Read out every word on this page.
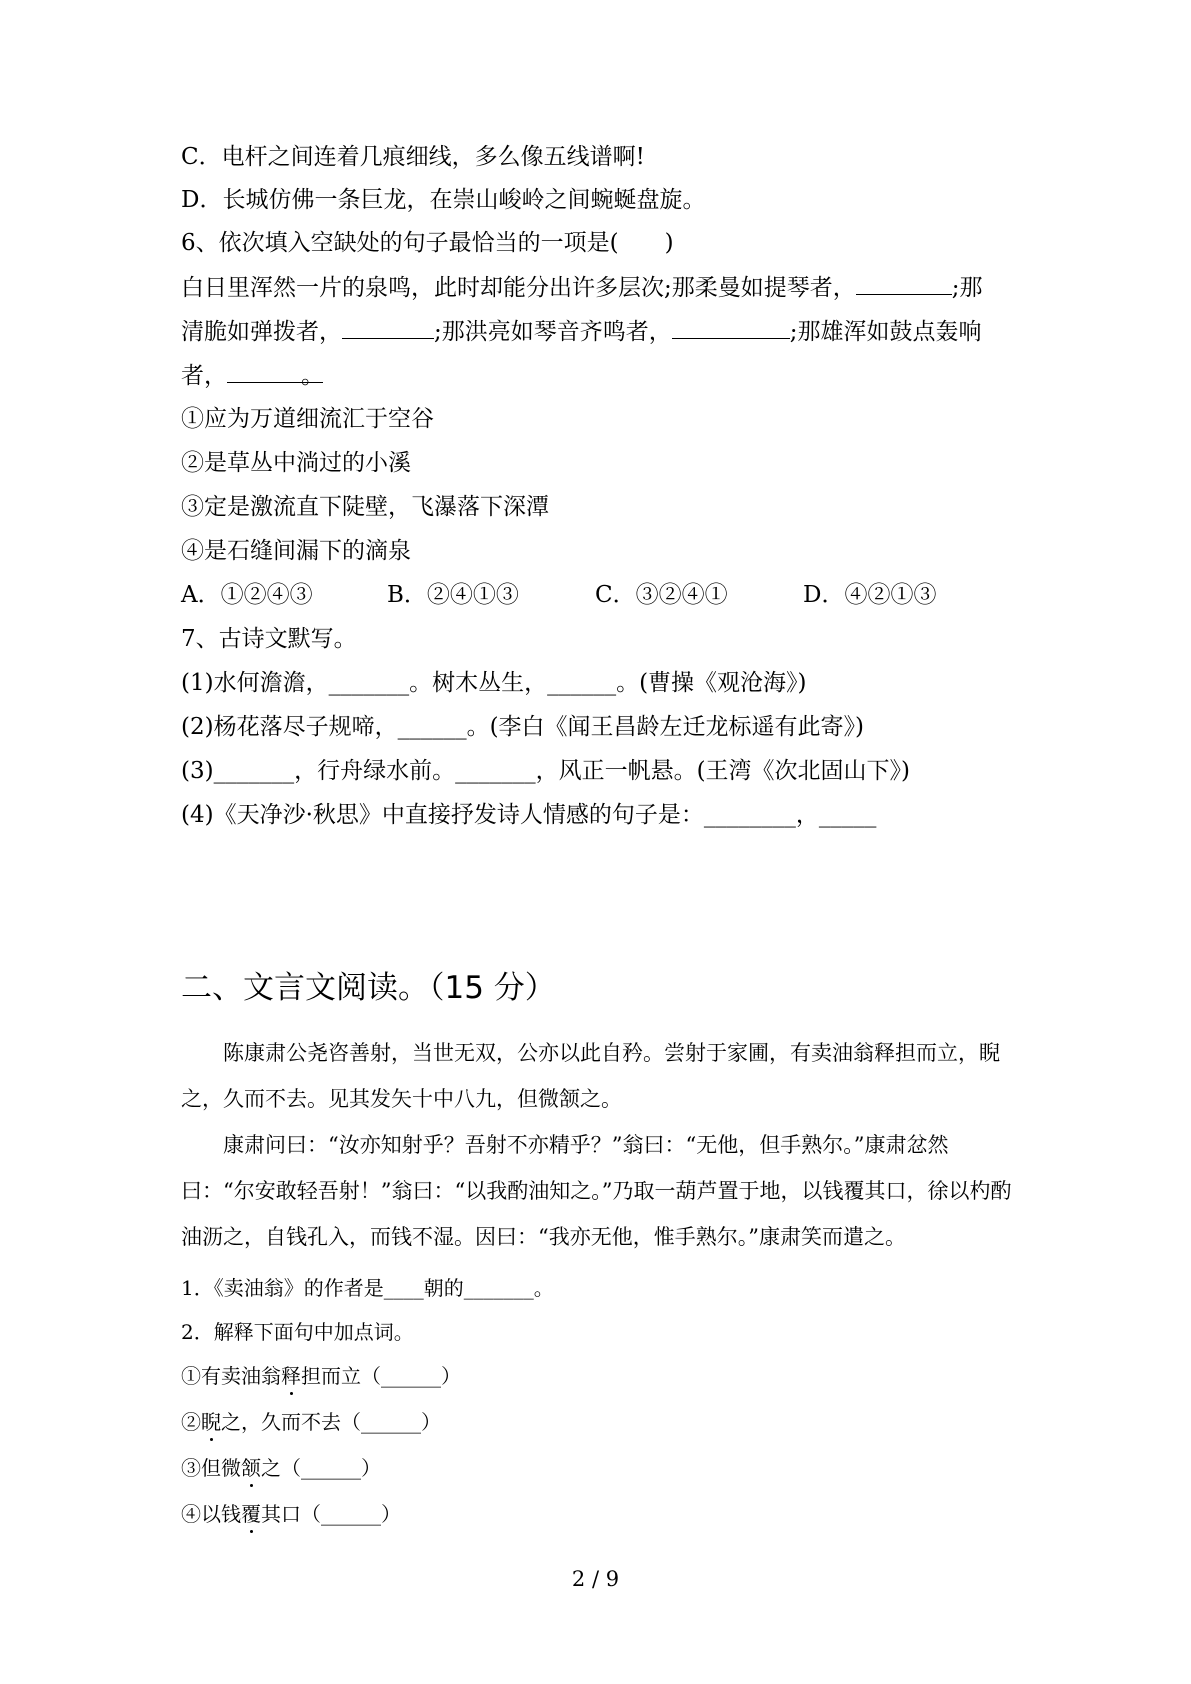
C．电杆之间连着几痕细线，多么像五线谱啊!
D．长城仿佛一条巨龙，在崇山峻岭之间蜿蜒盘旋。
6、依次填入空缺处的句子最恰当的一项是(　　)
白日里浑然一片的泉鸣，此时却能分出许多层次;那柔曼如提琴者，	;那
清脆如弹拨者，	;那洪亮如琴音齐鸣者，	;那雄浑如鼓点轰响
者，	。
①应为万道细流汇于空谷
②是草丛中淌过的小溪
③定是激流直下陡壁，飞瀑落下深潭
④是石缝间漏下的滴泉
A．①②④③	B．②④①③	C．③②④①	D．④②①③
7、古诗文默写。
(1)水何澹澹，_______。树木丛生，______。(曹操《观沧海》)
(2)杨花落尽子规啼，______。(李白《闻王昌龄左迁龙标遥有此寄》)
(3)_______，行舟绿水前。_______，风正一帆悬。(王湾《次北固山下》)
(4)《天净沙·秋思》中直接抒发诗人情感的句子是：________，_____
二、文言文阅读。（15 分）
陈康肃公尧咨善射，当世无双，公亦以此自矜。尝射于家圃，有卖油翁释担而立，睨之，久而不去。见其发矢十中八九，但微颔之。
康肃问曰：“汝亦知射乎？吾射不亦精乎？”翁曰：“无他，但手熟尔。”康肃忿然曰：“尔安敢轻吾射！”翁曰：“以我酌油知之。”乃取一葫芦置于地，以钱覆其口，徐以杓酌油沥之，自钱孔入，而钱不湿。因曰：“我亦无他，惟手熟尔。”康肃笑而遣之。
1．《卖油翁》的作者是____朝的_______。
2．解释下面句中加点词。
①有卖油翁释担而立（______）
②睨之，久而不去（______）
③但微颔之（______）
④以钱覆其口（______）
2 / 9
